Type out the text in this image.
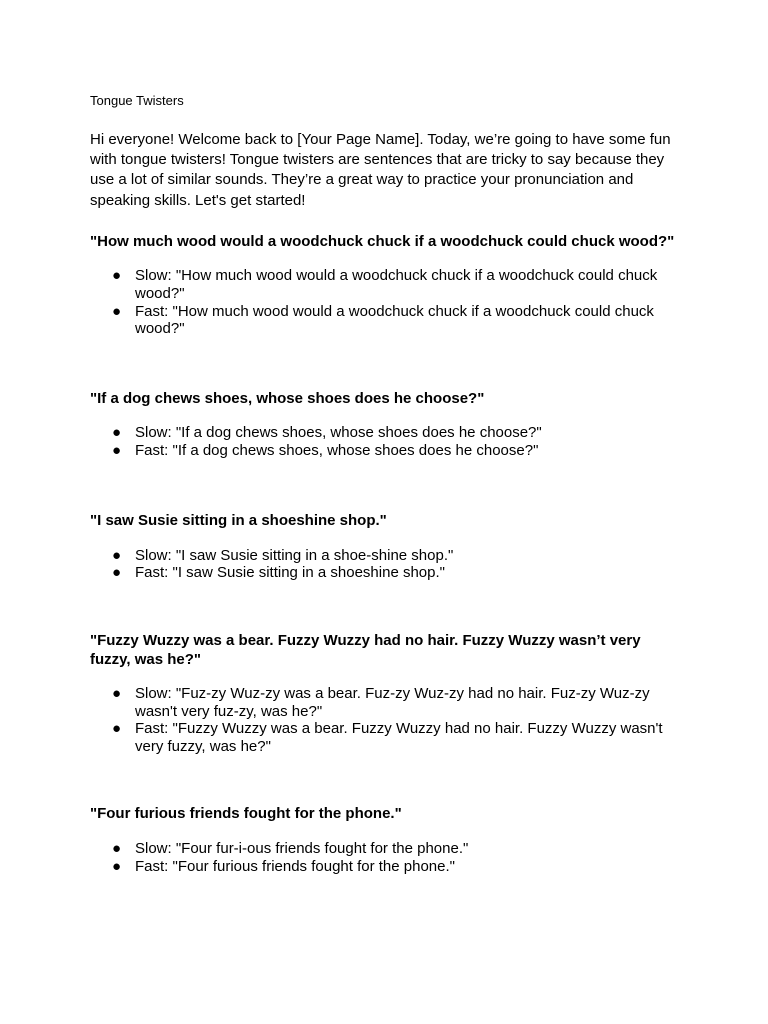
Tongue Twisters

Hi everyone! Welcome back to [Your Page Name]. Today, we’re going to have some fun with tongue twisters! Tongue twisters are sentences that are tricky to say because they use a lot of similar sounds. They’re a great way to practice your pronunciation and speaking skills. Let's get started!

"How much wood would a woodchuck chuck if a woodchuck could chuck wood?"
● Slow: "How much wood would a woodchuck chuck if a woodchuck could chuck wood?"
● Fast: "How much wood would a woodchuck chuck if a woodchuck could chuck wood?"
"If a dog chews shoes, whose shoes does he choose?"
● Slow: "If a dog chews shoes, whose shoes does he choose?"
● Fast: "If a dog chews shoes, whose shoes does he choose?"
"I saw Susie sitting in a shoeshine shop."
● Slow: "I saw Susie sitting in a shoe-shine shop."
● Fast: "I saw Susie sitting in a shoeshine shop."
"Fuzzy Wuzzy was a bear. Fuzzy Wuzzy had no hair. Fuzzy Wuzzy wasn’t very fuzzy, was he?"
● Slow: "Fuz-zy Wuz-zy was a bear. Fuz-zy Wuz-zy had no hair. Fuz-zy Wuz-zy wasn't very fuz-zy, was he?"
● Fast: "Fuzzy Wuzzy was a bear. Fuzzy Wuzzy had no hair. Fuzzy Wuzzy wasn't very fuzzy, was he?"
"Four furious friends fought for the phone."
● Slow: "Four fur-i-ous friends fought for the phone."
● Fast: "Four furious friends fought for the phone."
